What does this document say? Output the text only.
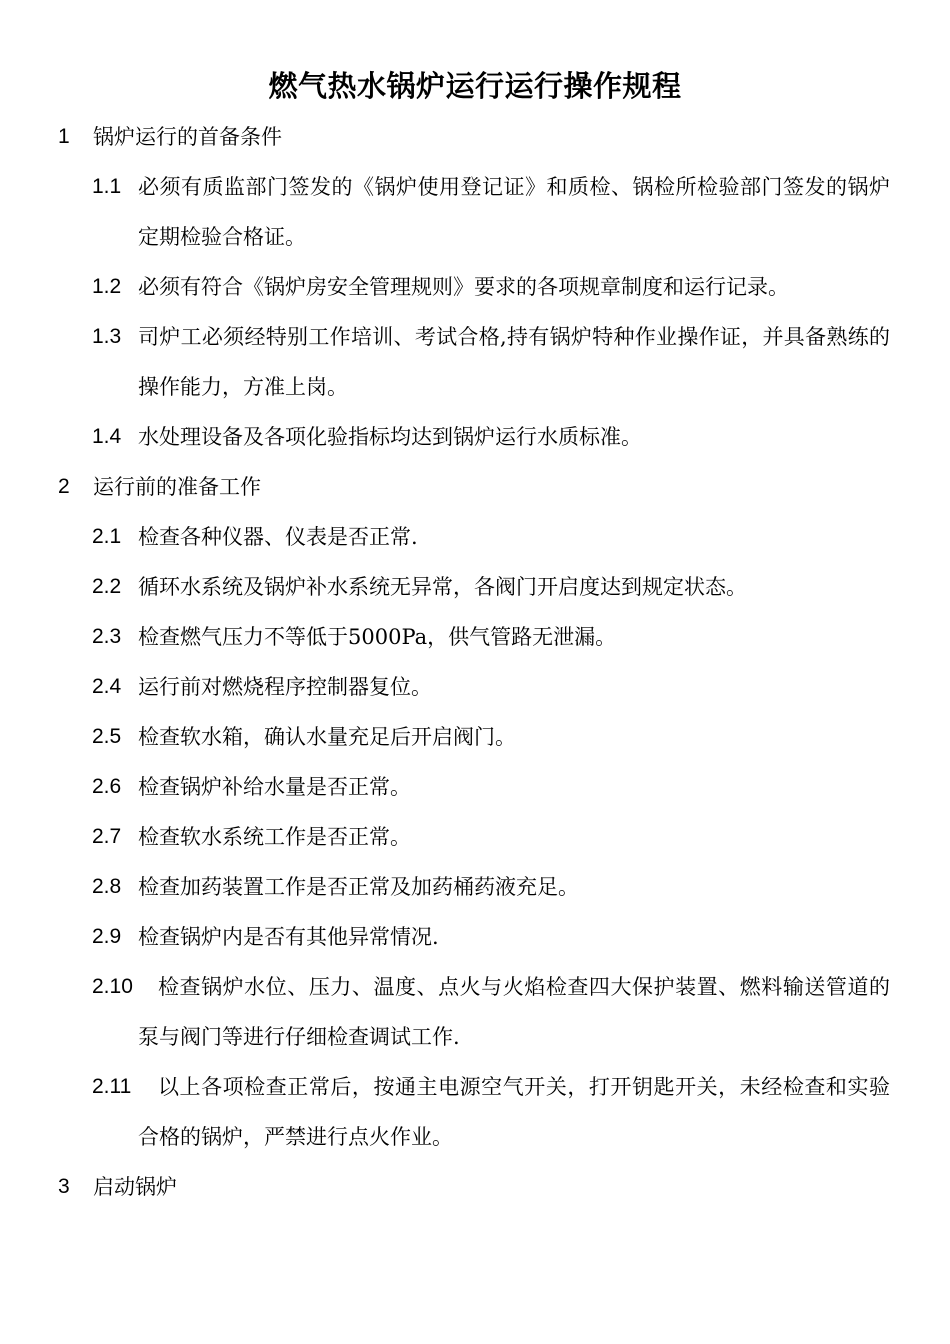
燃气热水锅炉运行运行操作规程
1 锅炉运行的首备条件
1.1 必须有质监部门签发的《锅炉使用登记证》和质检、锅检所检验部门签发的锅炉定期检验合格证。
1.2 必须有符合《锅炉房安全管理规则》要求的各项规章制度和运行记录。
1.3 司炉工必须经特别工作培训、考试合格,持有锅炉特种作业操作证，并具备熟练的操作能力，方准上岗。
1.4 水处理设备及各项化验指标均达到锅炉运行水质标准。
2 运行前的准备工作
2.1 检查各种仪器、仪表是否正常.
2.2 循环水系统及锅炉补水系统无异常，各阀门开启度达到规定状态。
2.3 检查燃气压力不等低于5000Pa，供气管路无泄漏。
2.4 运行前对燃烧程序控制器复位。
2.5 检查软水箱，确认水量充足后开启阀门。
2.6 检查锅炉补给水量是否正常。
2.7 检查软水系统工作是否正常。
2.8 检查加药装置工作是否正常及加药桶药液充足。
2.9 检查锅炉内是否有其他异常情况.
2.10 检查锅炉水位、压力、温度、点火与火焰检查四大保护装置、燃料输送管道的泵与阀门等进行仔细检查调试工作.
2.11 以上各项检查正常后，按通主电源空气开关，打开钥匙开关，未经检查和实验合格的锅炉，严禁进行点火作业。
3 启动锅炉
